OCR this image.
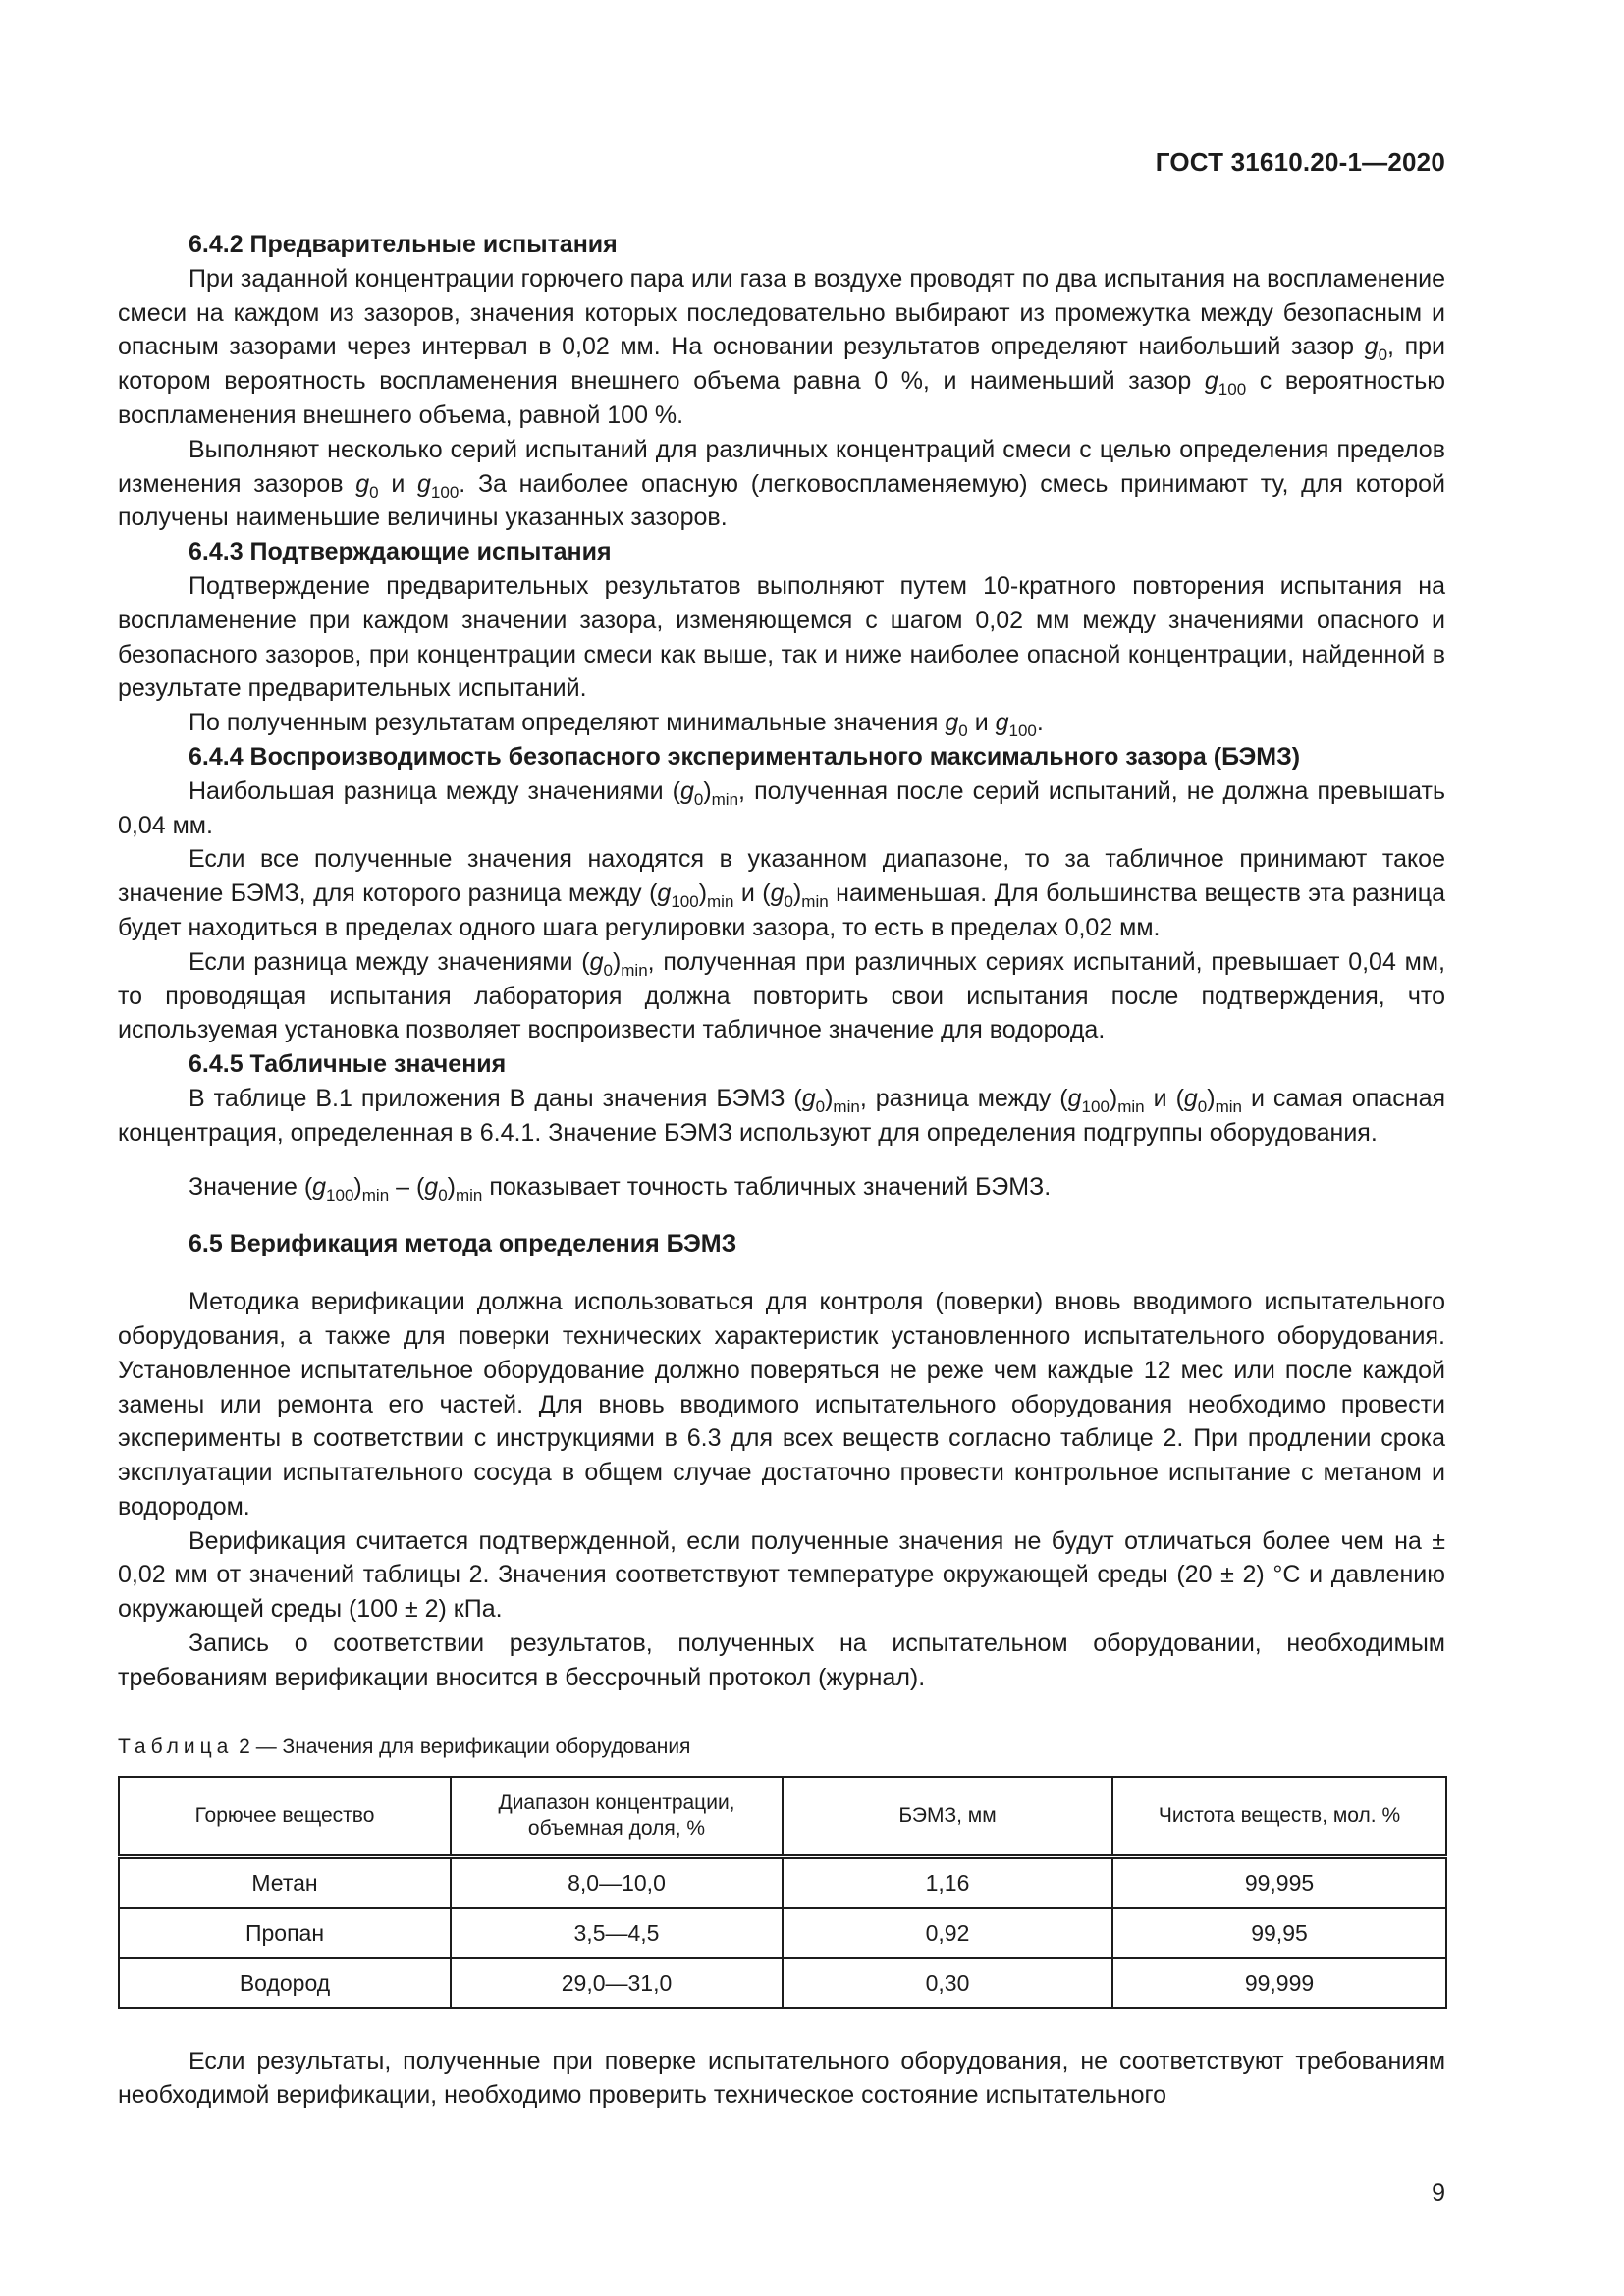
ГОСТ 31610.20-1—2020

6.4.2 Предварительные испытания

При заданной концентрации горючего пара или газа в воздухе проводят по два испытания на воспламенение смеси на каждом из зазоров, значения которых последовательно выбирают из промежутка между безопасным и опасным зазорами через интервал в 0,02 мм. На основании результатов определяют наибольший зазор $g_0$, при котором вероятность воспламенения внешнего объема равна 0 %, и наименьший зазор $g_{100}$ с вероятностью воспламенения внешнего объема, равной 100 %.

Выполняют несколько серий испытаний для различных концентраций смеси с целью определения пределов изменения зазоров $g_0$ и $g_{100}$. За наиболее опасную (легковоспламеняемую) смесь принимают ту, для которой получены наименьшие величины указанных зазоров.

6.4.3 Подтверждающие испытания

Подтверждение предварительных результатов выполняют путем 10-кратного повторения испытания на воспламенение при каждом значении зазора, изменяющемся с шагом 0,02 мм между значениями опасного и безопасного зазоров, при концентрации смеси как выше, так и ниже наиболее опасной концентрации, найденной в результате предварительных испытаний.

По полученным результатам определяют минимальные значения $g_0$ и $g_{100}$.

6.4.4 Воспроизводимость безопасного экспериментального максимального зазора (БЭМЗ)

Наибольшая разница между значениями $(g_0)_{min}$, полученная после серий испытаний, не должна превышать 0,04 мм.

Если все полученные значения находятся в указанном диапазоне, то за табличное принимают такое значение БЭМЗ, для которого разница между $(g_{100})_{min}$ и $(g_0)_{min}$ наименьшая. Для большинства веществ эта разница будет находиться в пределах одного шага регулировки зазора, то есть в пределах 0,02 мм.

Если разница между значениями $(g_0)_{min}$, полученная при различных сериях испытаний, превышает 0,04 мм, то проводящая испытания лаборатория должна повторить свои испытания после подтверждения, что используемая установка позволяет воспроизвести табличное значение для водорода.

6.4.5 Табличные значения

В таблице В.1 приложения В даны значения БЭМЗ $(g_0)_{min}$, разница между $(g_{100})_{min}$ и $(g_0)_{min}$ и самая опасная концентрация, определенная в 6.4.1. Значение БЭМЗ используют для определения подгруппы оборудования.

Значение $(g_{100})_{min} - (g_0)_{min}$ показывает точность табличных значений БЭМЗ.

6.5 Верификация метода определения БЭМЗ

Методика верификации должна использоваться для контроля (поверки) вновь вводимого испытательного оборудования, а также для поверки технических характеристик установленного испытательного оборудования. Установленное испытательное оборудование должно поверяться не реже чем каждые 12 мес или после каждой замены или ремонта его частей. Для вновь вводимого испытательного оборудования необходимо провести эксперименты в соответствии с инструкциями в 6.3 для всех веществ согласно таблице 2. При продлении срока эксплуатации испытательного сосуда в общем случае достаточно провести контрольное испытание с метаном и водородом.

Верификация считается подтвержденной, если полученные значения не будут отличаться более чем на ± 0,02 мм от значений таблицы 2. Значения соответствуют температуре окружающей среды (20 ± 2) °С и давлению окружающей среды (100 ± 2) кПа.

Запись о соответствии результатов, полученных на испытательном оборудовании, необходимым требованиям верификации вносится в бессрочный протокол (журнал).

Таблица 2 — Значения для верификации оборудования
Горючее вещество	Диапазон концентрации, объемная доля, %	БЭМЗ, мм	Чистота веществ, мол. %
Метан	8,0—10,0	1,16	99,995
Пропан	3,5—4,5	0,92	99,95
Водород	29,0—31,0	0,30	99,999

Если результаты, полученные при поверке испытательного оборудования, не соответствуют требованиям необходимой верификации, необходимо проверить техническое состояние испытательного

9
